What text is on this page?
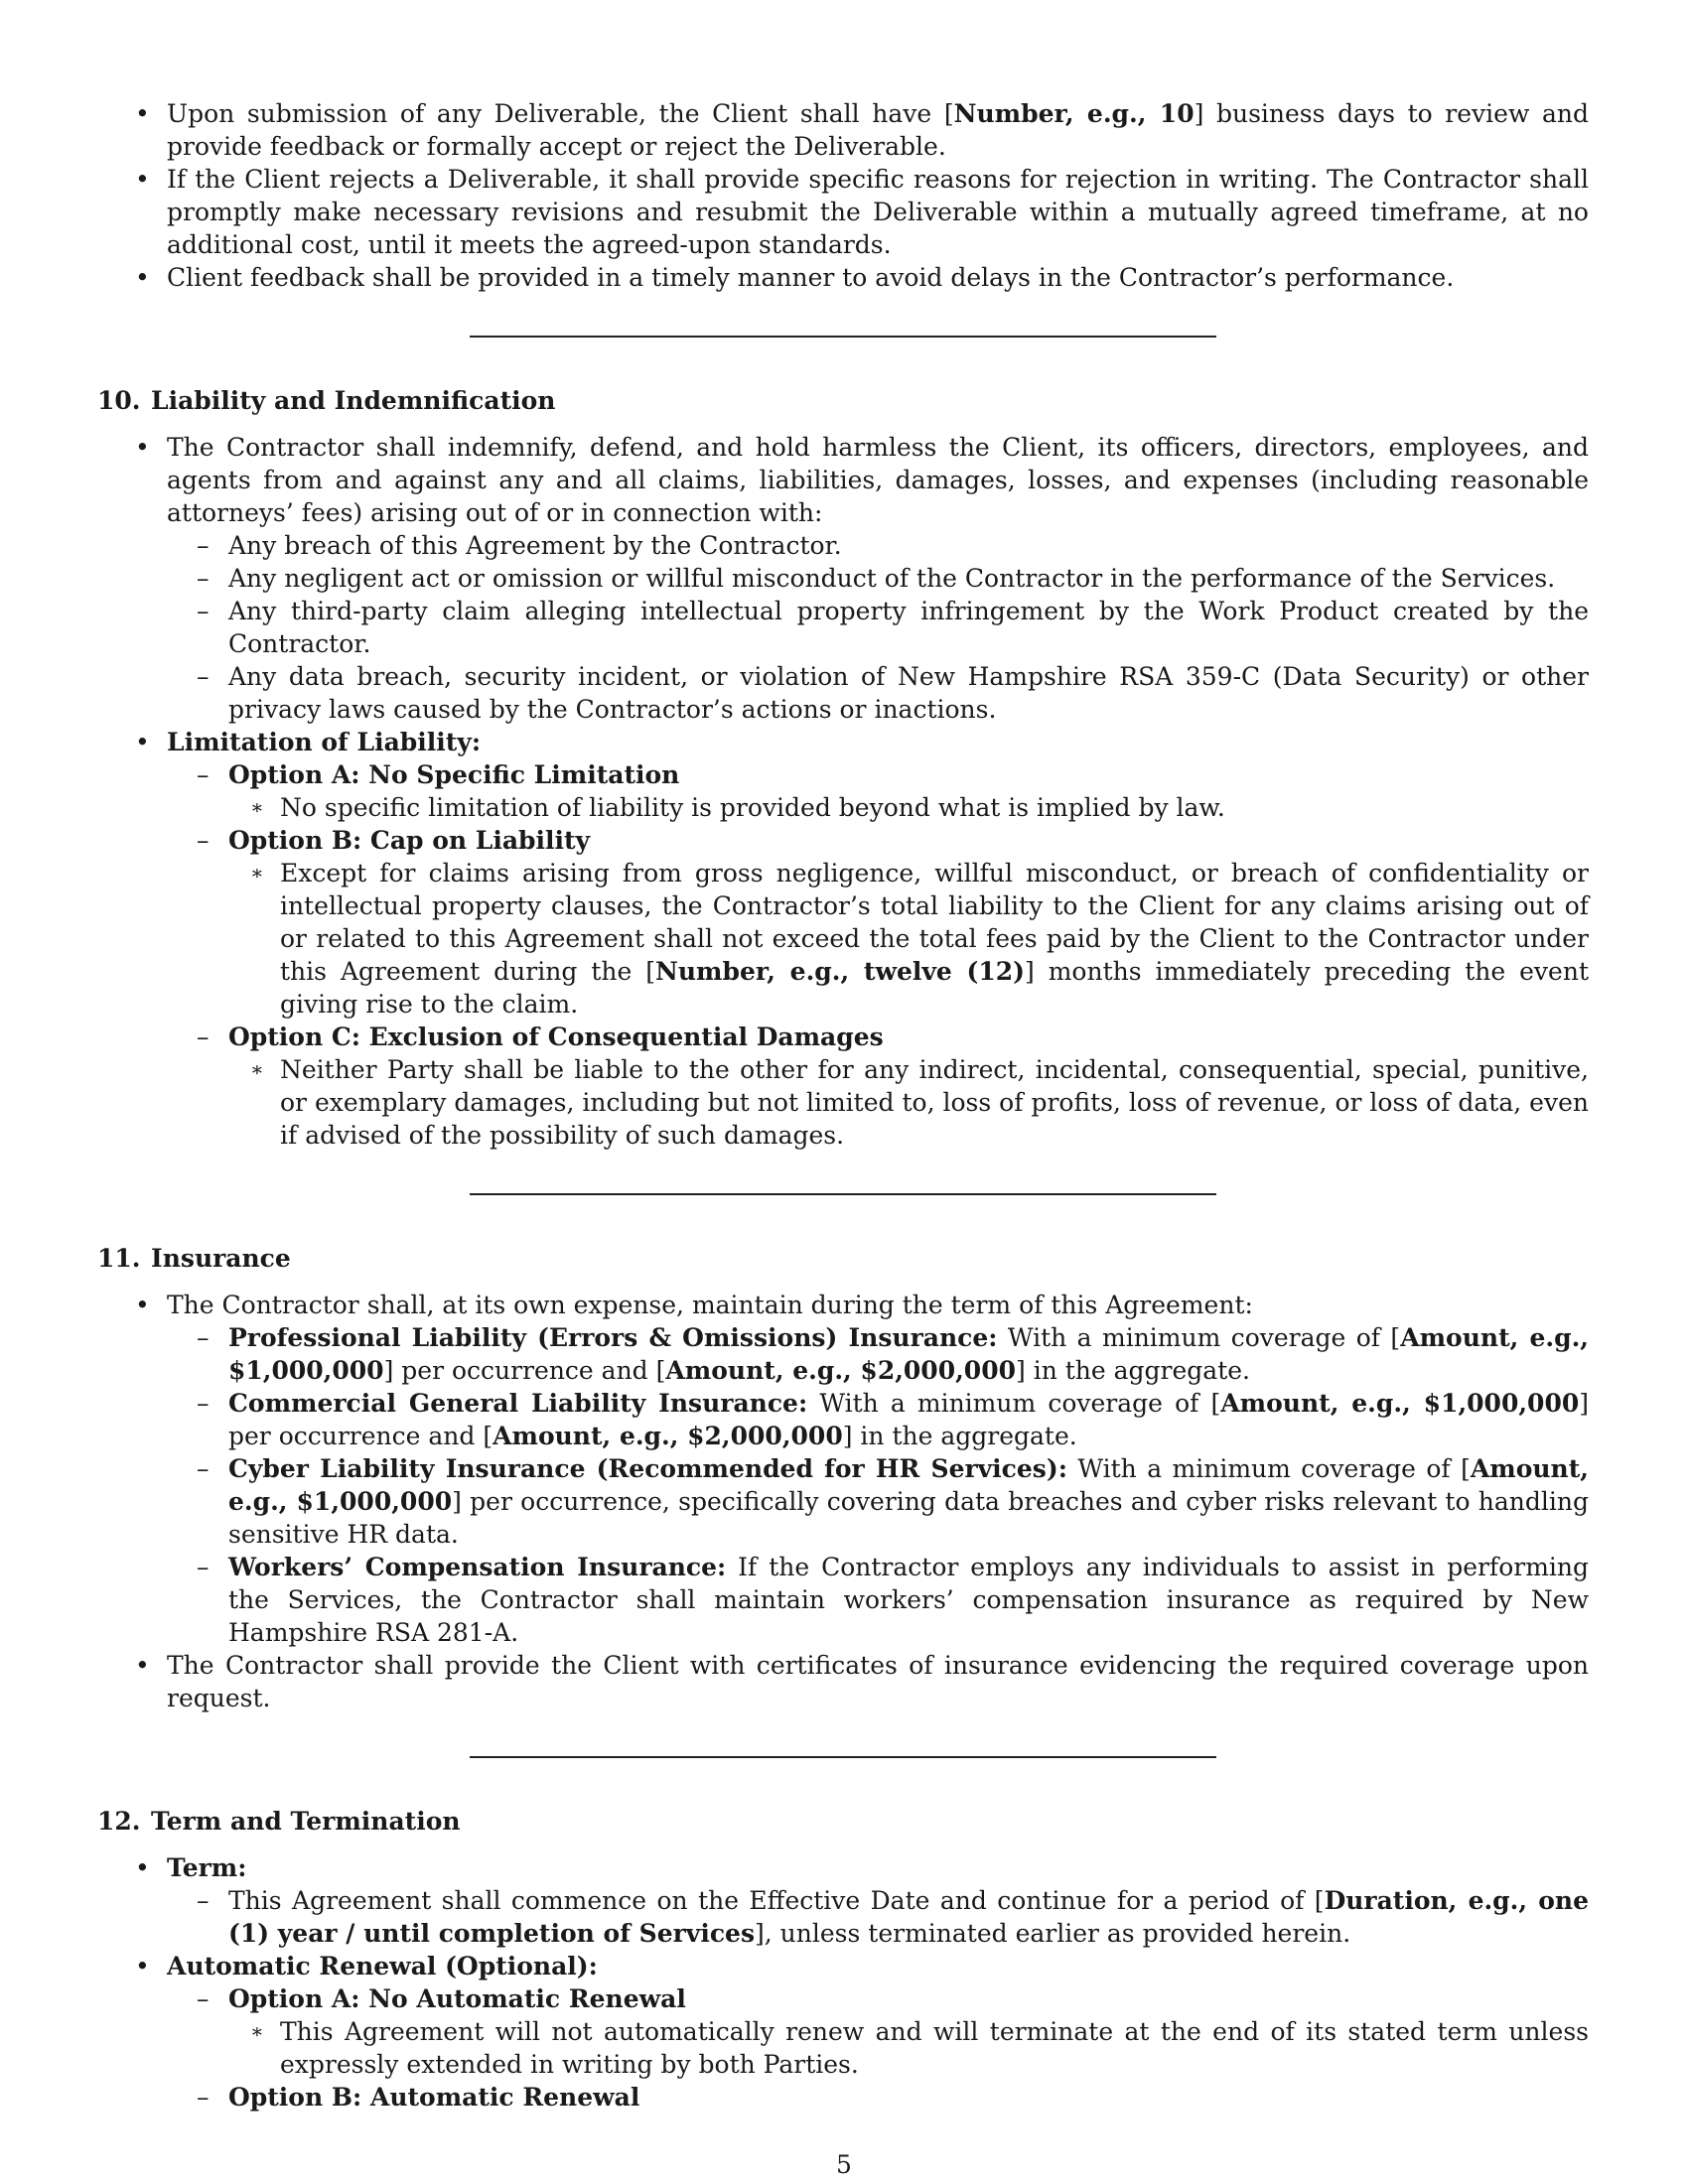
• Upon submission of any Deliverable, the Client shall have [Number, e.g., 10] business days to review and provide feedback or formally accept or reject the Deliverable.
• If the Client rejects a Deliverable, it shall provide specific reasons for rejection in writing. The Contractor shall promptly make necessary revisions and resubmit the Deliverable within a mutually agreed timeframe, at no additional cost, until it meets the agreed-upon standards.
• Client feedback shall be provided in a timely manner to avoid delays in the Contractor’s performance.
10. Liability and Indemnification
• The Contractor shall indemnify, defend, and hold harmless the Client, its officers, directors, employees, and agents from and against any and all claims, liabilities, damages, losses, and expenses (including reasonable attorneys’ fees) arising out of or in connection with:
– Any breach of this Agreement by the Contractor.
– Any negligent act or omission or willful misconduct of the Contractor in the performance of the Services.
– Any third-party claim alleging intellectual property infringement by the Work Product created by the Contractor.
– Any data breach, security incident, or violation of New Hampshire RSA 359-C (Data Security) or other privacy laws caused by the Contractor’s actions or inactions.
• Limitation of Liability:
– Option A: No Specific Limitation
∗ No specific limitation of liability is provided beyond what is implied by law.
– Option B: Cap on Liability
∗ Except for claims arising from gross negligence, willful misconduct, or breach of confidentiality or intellectual property clauses, the Contractor’s total liability to the Client for any claims arising out of or related to this Agreement shall not exceed the total fees paid by the Client to the Contractor under this Agreement during the [Number, e.g., twelve (12)] months immediately preceding the event giving rise to the claim.
– Option C: Exclusion of Consequential Damages
∗ Neither Party shall be liable to the other for any indirect, incidental, consequential, special, punitive, or exemplary damages, including but not limited to, loss of profits, loss of revenue, or loss of data, even if advised of the possibility of such damages.
11. Insurance
• The Contractor shall, at its own expense, maintain during the term of this Agreement:
– Professional Liability (Errors & Omissions) Insurance: With a minimum coverage of [Amount, e.g., $1,000,000] per occurrence and [Amount, e.g., $2,000,000] in the aggregate.
– Commercial General Liability Insurance: With a minimum coverage of [Amount, e.g., $1,000,000] per occurrence and [Amount, e.g., $2,000,000] in the aggregate.
– Cyber Liability Insurance (Recommended for HR Services): With a minimum coverage of [Amount, e.g., $1,000,000] per occurrence, specifically covering data breaches and cyber risks relevant to handling sensitive HR data.
– Workers’ Compensation Insurance: If the Contractor employs any individuals to assist in performing the Services, the Contractor shall maintain workers’ compensation insurance as required by New Hampshire RSA 281-A.
• The Contractor shall provide the Client with certificates of insurance evidencing the required coverage upon request.
12. Term and Termination
• Term:
– This Agreement shall commence on the Effective Date and continue for a period of [Duration, e.g., one (1) year / until completion of Services], unless terminated earlier as provided herein.
• Automatic Renewal (Optional):
– Option A: No Automatic Renewal
∗ This Agreement will not automatically renew and will terminate at the end of its stated term unless expressly extended in writing by both Parties.
– Option B: Automatic Renewal
5
